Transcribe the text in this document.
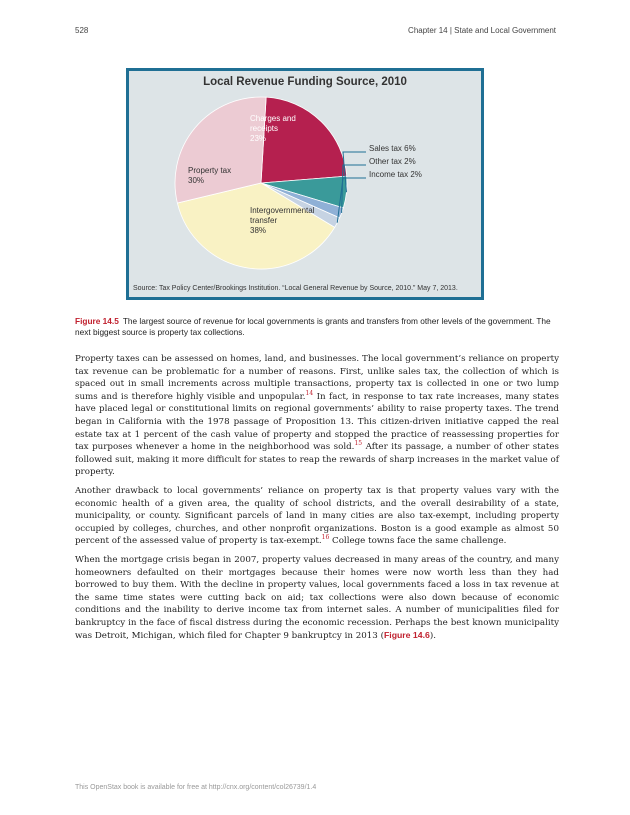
528	Chapter 14 | State and Local Government
Local Revenue Funding Source, 2010
Charges and
receipts
23%
Sales tax 6%
Other tax 2%
Income tax 2%
Intergovernmental
transfer
38%
Property tax
30%
Source: Tax Policy Center/Brookings Institution. “Local General Revenue by Source, 2010.” May 7, 2013.
Figure 14.5 The largest source of revenue for local governments is grants and transfers from other levels of the government. The next biggest source is property tax collections.

Property taxes can be assessed on homes, land, and businesses. The local government’s reliance on property tax revenue can be problematic for a number of reasons. First, unlike sales tax, the collection of which is spaced out in small increments across multiple transactions, property tax is collected in one or two lump sums and is therefore highly visible and unpopular.$^{14}$ In fact, in response to tax rate increases, many states have placed legal or constitutional limits on regional governments’ ability to raise property taxes. The trend began in California with the 1978 passage of Proposition 13. This citizen-driven initiative capped the real estate tax at 1 percent of the cash value of property and stopped the practice of reassessing properties for tax purposes whenever a home in the neighborhood was sold.$^{15}$ After its passage, a number of other states followed suit, making it more difficult for states to reap the rewards of sharp increases in the market value of property.

Another drawback to local governments’ reliance on property tax is that property values vary with the economic health of a given area, the quality of school districts, and the overall desirability of a state, municipality, or county. Significant parcels of land in many cities are also tax-exempt, including property occupied by colleges, churches, and other nonprofit organizations. Boston is a good example as almost 50 percent of the assessed value of property is tax-exempt.$^{16}$ College towns face the same challenge.

When the mortgage crisis began in 2007, property values decreased in many areas of the country, and many homeowners defaulted on their mortgages because their homes were now worth less than they had borrowed to buy them. With the decline in property values, local governments faced a loss in tax revenue at the same time states were cutting back on aid; tax collections were also down because of economic conditions and the inability to derive income tax from internet sales. A number of municipalities filed for bankruptcy in the face of fiscal distress during the economic recession. Perhaps the best known municipality was Detroit, Michigan, which filed for Chapter 9 bankruptcy in 2013 (Figure 14.6).

This OpenStax book is available for free at http://cnx.org/content/col26739/1.4
